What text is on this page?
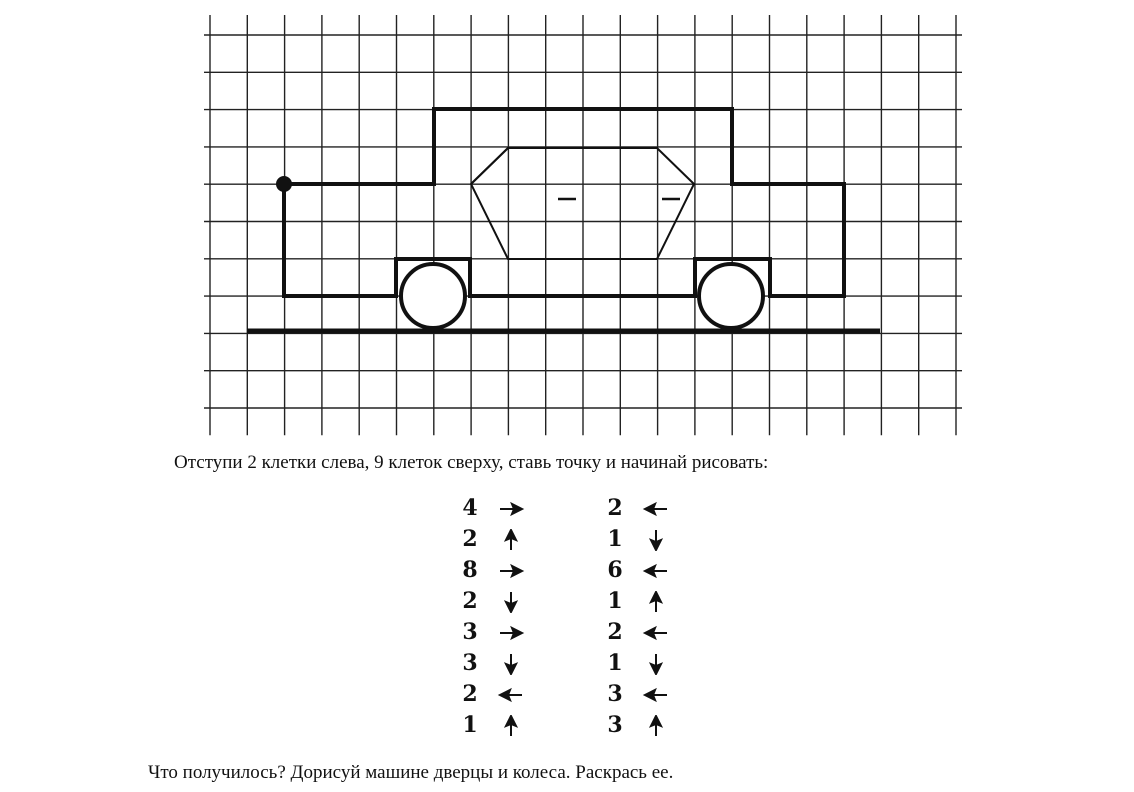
Отступи 2 клетки слева, 9 клеток сверху, ставь точку и начинай рисовать:
4
2
8
2
3
3
2
1
2
1
6
1
2
1
3
3
Что получилось? Дорисуй машине дверцы и колеса. Раскрась ее.
